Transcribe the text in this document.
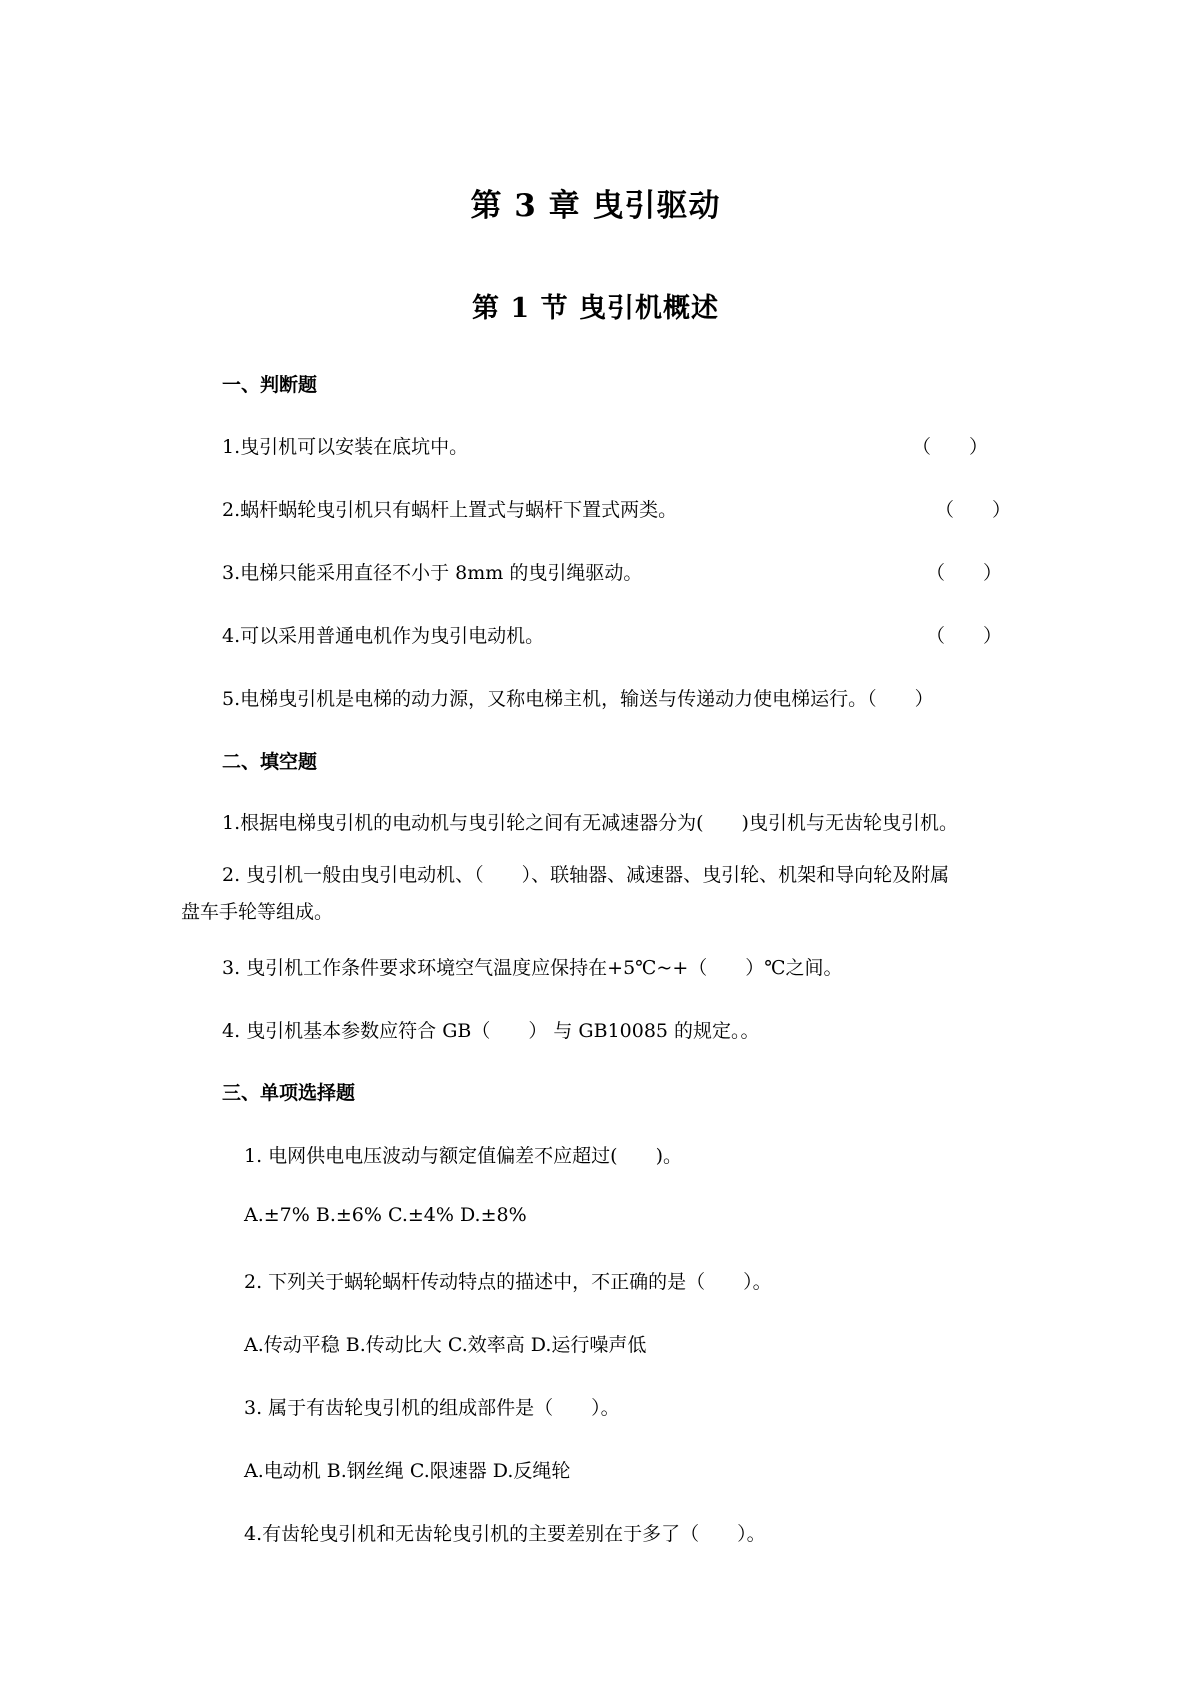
第 3 章 曳引驱动
第 1 节 曳引机概述
一、判断题
1.曳引机可以安装在底坑中。	（　　）
2.蜗杆蜗轮曳引机只有蜗杆上置式与蜗杆下置式两类。	（　　）
3.电梯只能采用直径不小于 8mm 的曳引绳驱动。	（　　）
4.可以采用普通电机作为曳引电动机。	（　　）
5.电梯曳引机是电梯的动力源，又称电梯主机，输送与传递动力使电梯运行。（　　）
二、填空题
1.根据电梯曳引机的电动机与曳引轮之间有无减速器分为(　　)曳引机与无齿轮曳引机。
2. 曳引机一般由曳引电动机、（　　）、联轴器、减速器、曳引轮、机架和导向轮及附属
盘车手轮等组成。
3. 曳引机工作条件要求环境空气温度应保持在+5℃~+（　　）℃之间。
4. 曳引机基本参数应符合 GB（　　） 与 GB10085 的规定。。
三、单项选择题
1. 电网供电电压波动与额定值偏差不应超过(　　)。
A.±7% B.±6% C.±4% D.±8%
2. 下列关于蜗轮蜗杆传动特点的描述中，不正确的是（　　）。
A.传动平稳 B.传动比大 C.效率高 D.运行噪声低
3. 属于有齿轮曳引机的组成部件是（　　）。
A.电动机 B.钢丝绳 C.限速器 D.反绳轮
4.有齿轮曳引机和无齿轮曳引机的主要差别在于多了（　　）。
